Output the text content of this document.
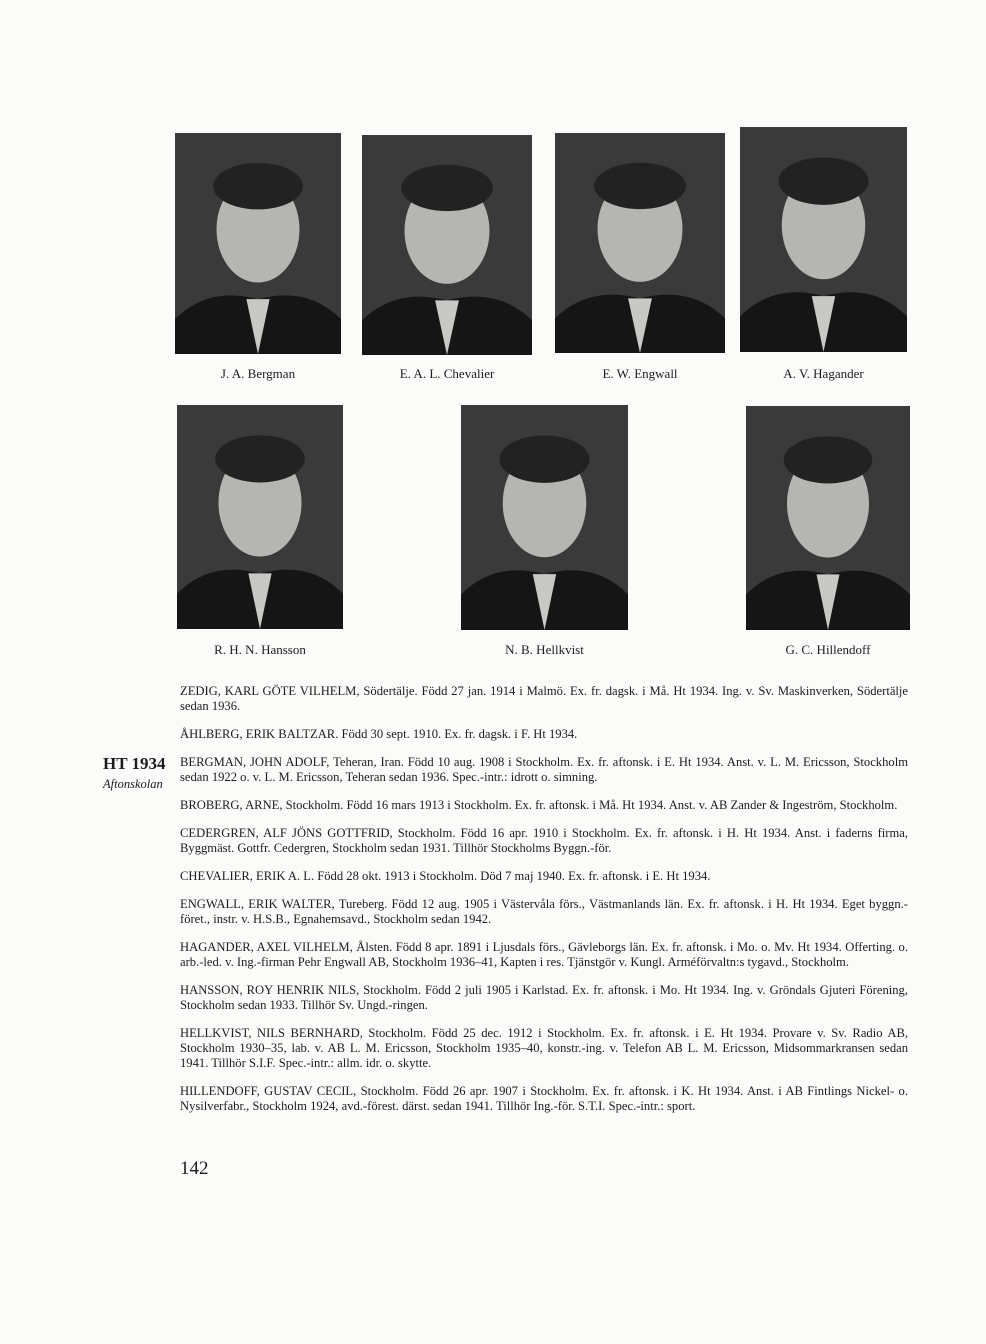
J. A. Bergman	E. A. L. Chevalier	E. W. Engwall	A. V. Hagander
R. H. N. Hansson	N. B. Hellkvist	G. C. Hillendoff
HT 1934
Aftonskolan

ZEDIG, KARL GÖTE VILHELM, Södertälje. Född 27 jan. 1914 i Malmö. Ex. fr. dagsk. i Må. Ht 1934. Ing. v. Sv. Maskinverken, Södertälje sedan 1936.

ÅHLBERG, ERIK BALTZAR. Född 30 sept. 1910. Ex. fr. dagsk. i F. Ht 1934.

BERGMAN, JOHN ADOLF, Teheran, Iran. Född 10 aug. 1908 i Stockholm. Ex. fr. aftonsk. i E. Ht 1934. Anst. v. L. M. Ericsson, Stockholm sedan 1922 o. v. L. M. Ericsson, Teheran sedan 1936. Spec.-intr.: idrott o. simning.

BROBERG, ARNE, Stockholm. Född 16 mars 1913 i Stockholm. Ex. fr. aftonsk. i Må. Ht 1934. Anst. v. AB Zander & Ingeström, Stockholm.

CEDERGREN, ALF JÖNS GOTTFRID, Stockholm. Född 16 apr. 1910 i Stockholm. Ex. fr. aftonsk. i H. Ht 1934. Anst. i faderns firma, Byggmäst. Gottfr. Cedergren, Stockholm sedan 1931. Tillhör Stockholms Byggn.-för.

CHEVALIER, ERIK A. L. Född 28 okt. 1913 i Stockholm. Död 7 maj 1940. Ex. fr. aftonsk. i E. Ht 1934.

ENGWALL, ERIK WALTER, Tureberg. Född 12 aug. 1905 i Västervåla förs., Västmanlands län. Ex. fr. aftonsk. i H. Ht 1934. Eget byggn.-föret., instr. v. H.S.B., Egnahemsavd., Stockholm sedan 1942.

HAGANDER, AXEL VILHELM, Ålsten. Född 8 apr. 1891 i Ljusdals förs., Gävleborgs län. Ex. fr. aftonsk. i Mo. o. Mv. Ht 1934. Offerting. o. arb.-led. v. Ing.-firman Pehr Engwall AB, Stockholm 1936–41, Kapten i res. Tjänstgör v. Kungl. Arméförvaltn:s tygavd., Stockholm.

HANSSON, ROY HENRIK NILS, Stockholm. Född 2 juli 1905 i Karlstad. Ex. fr. aftonsk. i Mo. Ht 1934. Ing. v. Gröndals Gjuteri Förening, Stockholm sedan 1933. Tillhör Sv. Ungd.-ringen.

HELLKVIST, NILS BERNHARD, Stockholm. Född 25 dec. 1912 i Stockholm. Ex. fr. aftonsk. i E. Ht 1934. Provare v. Sv. Radio AB, Stockholm 1930–35, lab. v. AB L. M. Ericsson, Stockholm 1935–40, konstr.-ing. v. Telefon AB L. M. Ericsson, Midsommarkransen sedan 1941. Tillhör S.I.F. Spec.-intr.: allm. idr. o. skytte.

HILLENDOFF, GUSTAV CECIL, Stockholm. Född 26 apr. 1907 i Stockholm. Ex. fr. aftonsk. i K. Ht 1934. Anst. i AB Fintlings Nickel- o. Nysilverfabr., Stockholm 1924, avd.-förest. därst. sedan 1941. Tillhör Ing.-för. S.T.I. Spec.-intr.: sport.

142
